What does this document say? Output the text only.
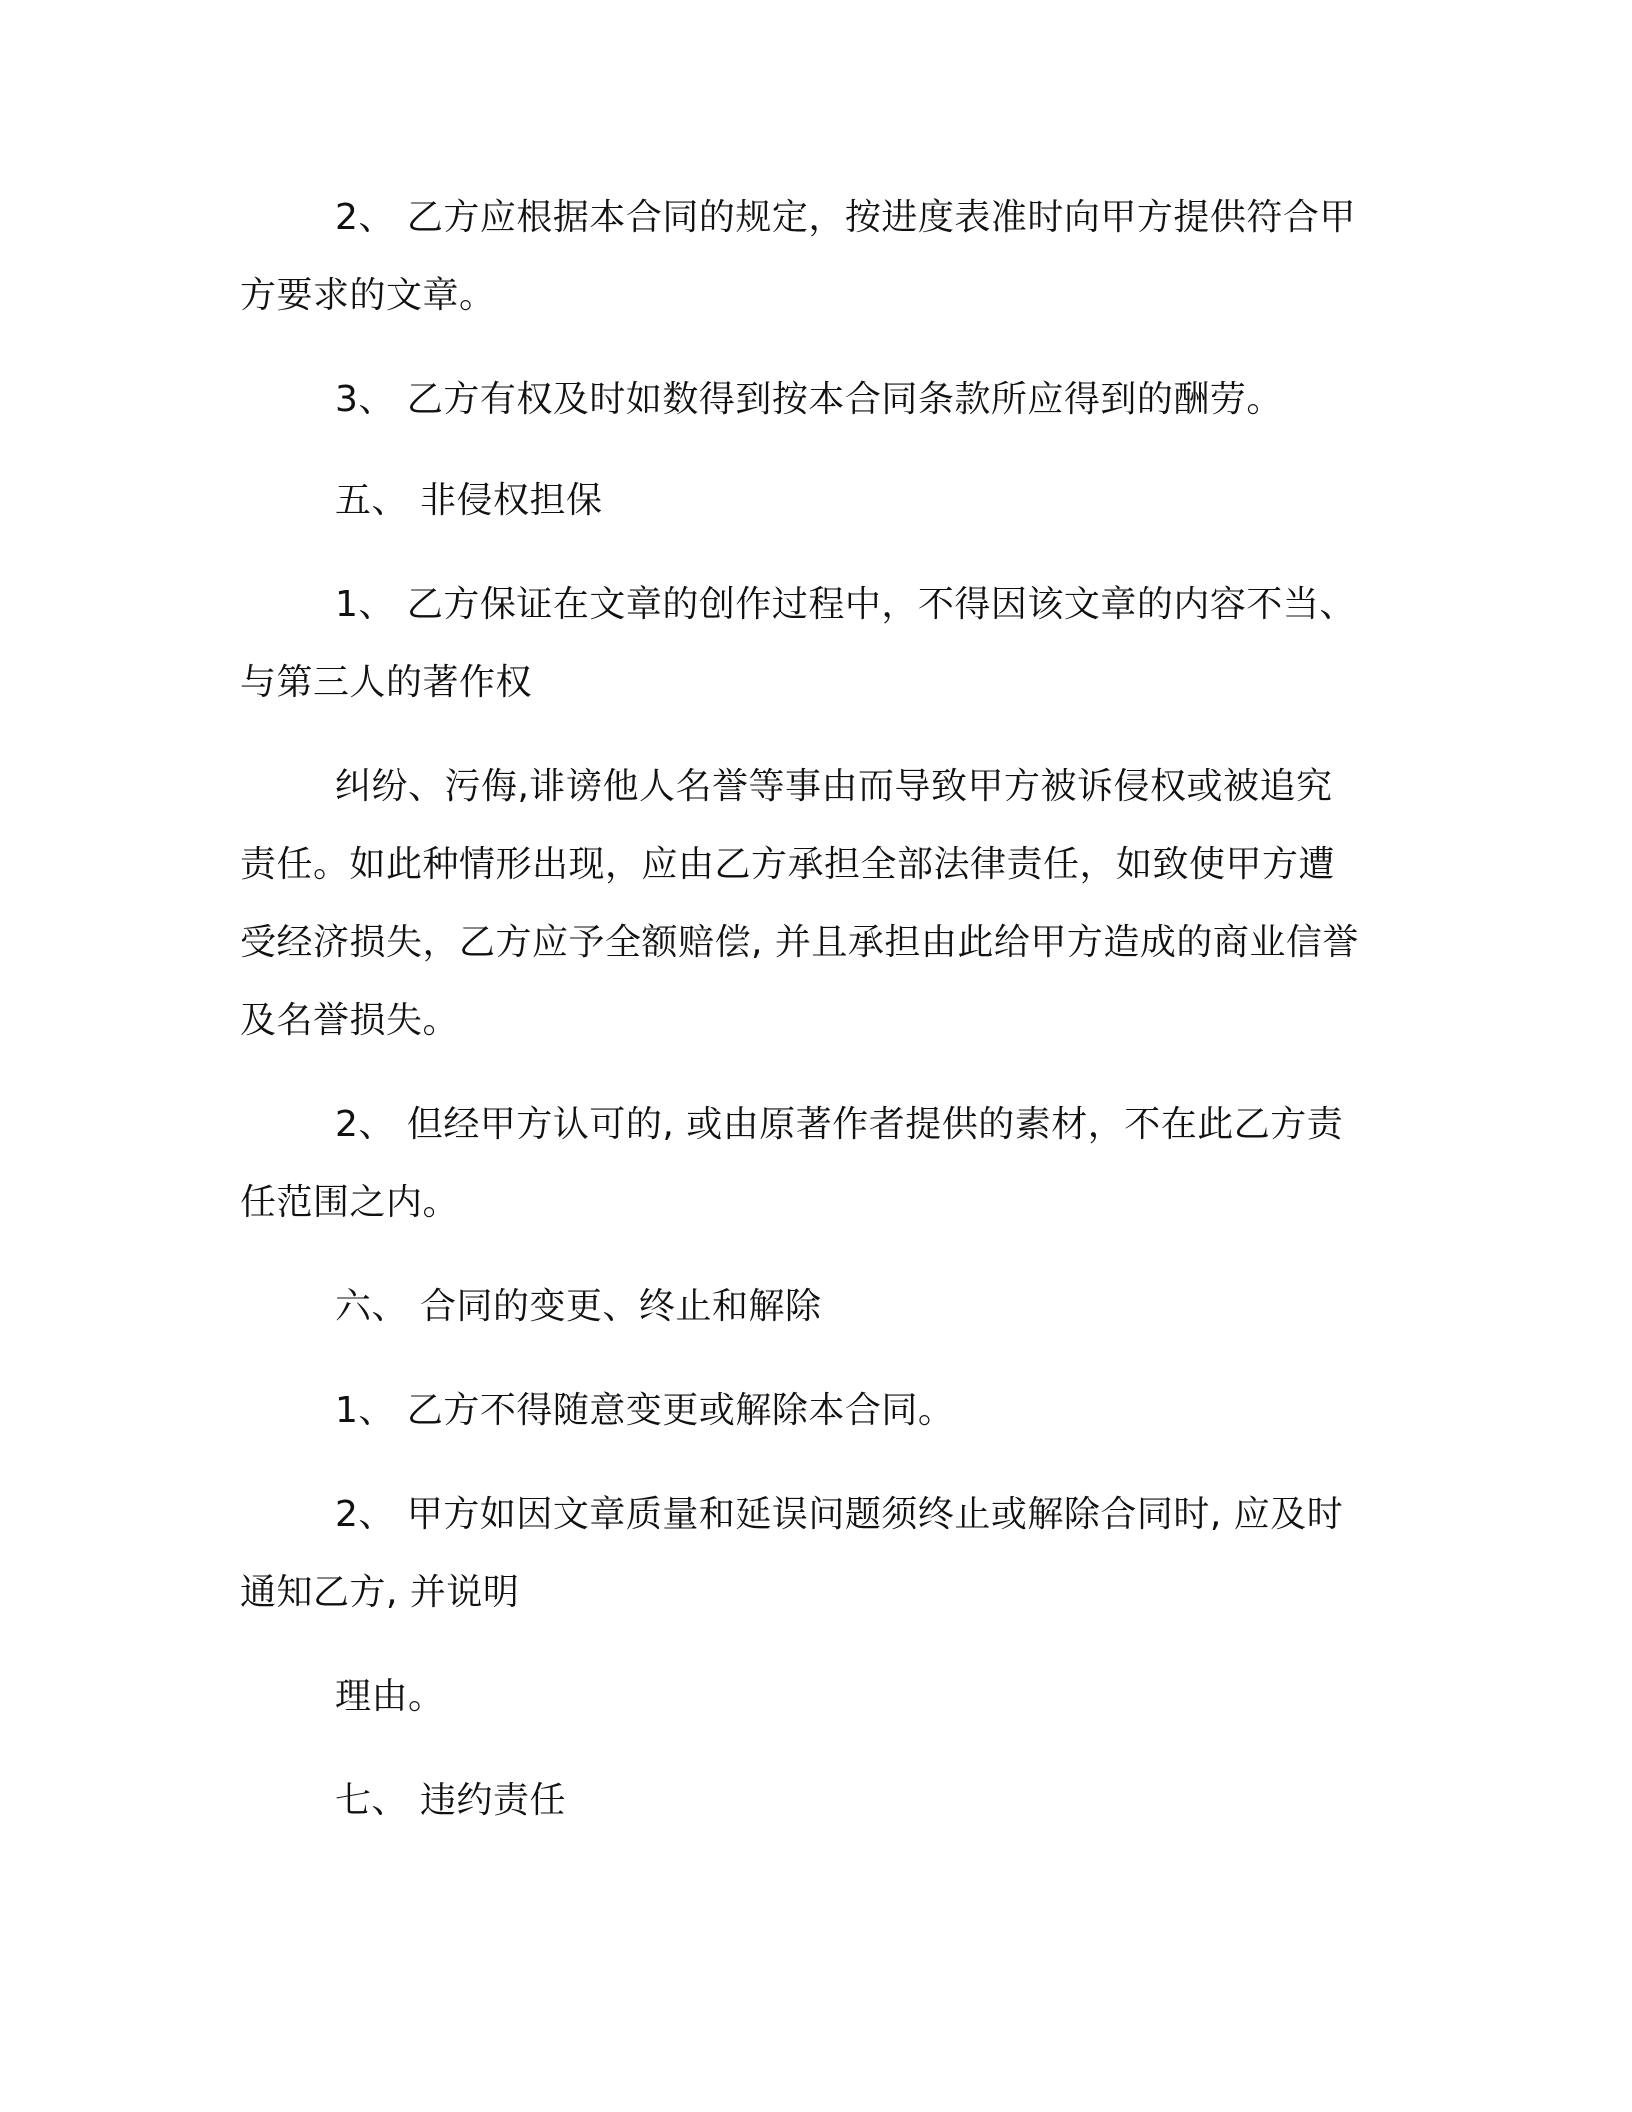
2、 乙方应根据本合同的规定，按进度表准时向甲方提供符合甲
方要求的文章。
3、 乙方有权及时如数得到按本合同条款所应得到的酬劳。
五、 非侵权担保
1、 乙方保证在文章的创作过程中，不得因该文章的内容不当、
与第三人的著作权
纠纷、污侮,诽谤他人名誉等事由而导致甲方被诉侵权或被追究
责任。如此种情形出现，应由乙方承担全部法律责任，如致使甲方遭
受经济损失，乙方应予全额赔偿, 并且承担由此给甲方造成的商业信誉
及名誉损失。
2、 但经甲方认可的, 或由原著作者提供的素材，不在此乙方责
任范围之内。
六、 合同的变更、终止和解除
1、 乙方不得随意变更或解除本合同。
2、 甲方如因文章质量和延误问题须终止或解除合同时, 应及时
通知乙方, 并说明
理由。
七、 违约责任
